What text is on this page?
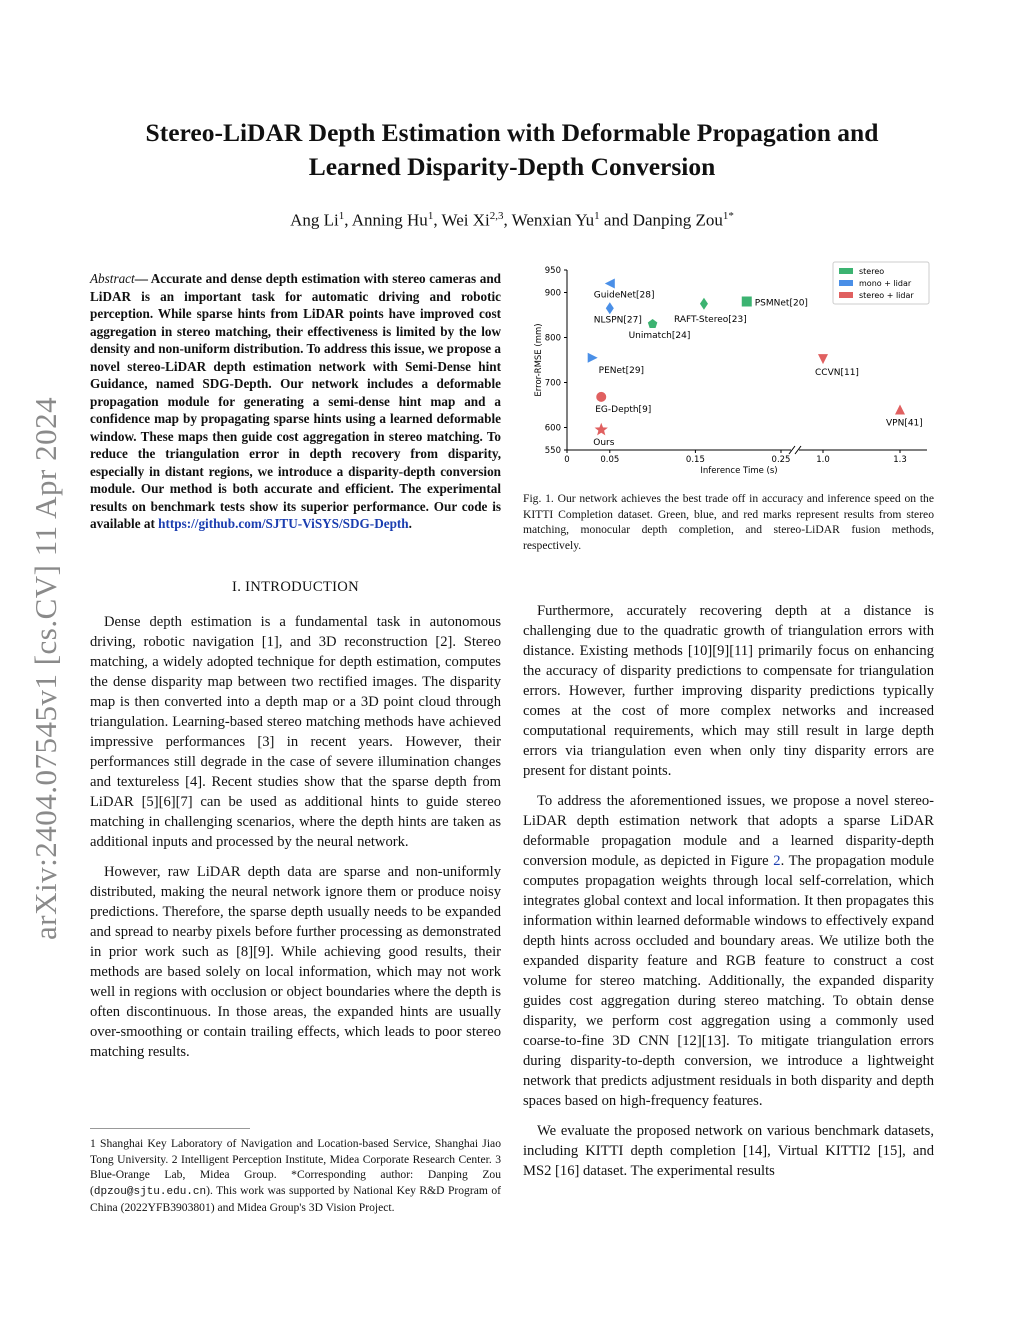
arXiv:2404.07545v1 [cs.CV] 11 Apr 2024
Stereo-LiDAR Depth Estimation with Deformable Propagation and
Learned Disparity-Depth Conversion
Ang Li$^1$, Anning Hu$^1$, Wei Xi$^{2,3}$, Wenxian Yu$^1$ and Danping Zou$^{1*}$
Abstract— Accurate and dense depth estimation with stereo cameras and LiDAR is an important task for automatic driving and robotic perception. While sparse hints from LiDAR points have improved cost aggregation in stereo matching, their effectiveness is limited by the low density and non-uniform distribution. To address this issue, we propose a novel stereo-LiDAR depth estimation network with Semi-Dense hint Guidance, named SDG-Depth. Our network includes a deformable propagation module for generating a semi-dense hint map and a confidence map by propagating sparse hints using a learned deformable window. These maps then guide cost aggregation in stereo matching. To reduce the triangulation error in depth recovery from disparity, especially in distant regions, we introduce a disparity-depth conversion module. Our method is both accurate and efficient. The experimental results on benchmark tests show its superior performance. Our code is available at https://github.com/SJTU-ViSYS/SDG-Depth.
I. INTRODUCTION

Dense depth estimation is a fundamental task in autonomous driving, robotic navigation [1], and 3D reconstruction [2]. Stereo matching, a widely adopted technique for depth estimation, computes the dense disparity map between two rectified images. The disparity map is then converted into a depth map or a 3D point cloud through triangulation. Learning-based stereo matching methods have achieved impressive performances [3] in recent years. However, their performances still degrade in the case of severe illumination changes and textureless [4]. Recent studies show that the sparse depth from LiDAR [5][6][7] can be used as additional hints to guide stereo matching in challenging scenarios, where the depth hints are taken as additional inputs and processed by the neural network.

However, raw LiDAR depth data are sparse and non-uniformly distributed, making the neural network ignore them or produce noisy predictions. Therefore, the sparse depth usually needs to be expanded and spread to nearby pixels before further processing as demonstrated in prior work such as [8][9]. While achieving good results, their methods are based solely on local information, which may not work well in regions with occlusion or object boundaries where the depth is often discontinuous. In those areas, the expanded hints are usually over-smoothing or contain trailing effects, which leads to poor stereo matching results.

1 Shanghai Key Laboratory of Navigation and Location-based Service, Shanghai Jiao Tong University. 2 Intelligent Perception Institute, Midea Corporate Research Center. 3 Blue-Orange Lab, Midea Group. *Corresponding author: Danping Zou (dpzou@sjtu.edu.cn). This work was supported by National Key R&D Program of China (2022YFB3903801) and Midea Group's 3D Vision Project.
550
600
700
800
900
950
0	0.05	0.15	0.25	1.0	1.3
Inference Time (s)
Error-RMSE (mm)
GuideNet[28]
NLSPN[27]
Unimatch[24]
RAFT-Stereo[23]
PSMNet[20]
PENet[29]
EG-Depth[9]
Ours
CCVN[11]
VPN[41]
stereo
mono + lidar
stereo + lidar
Fig. 1. Our network achieves the best trade off in accuracy and inference speed on the KITTI Completion dataset. Green, blue, and red marks represent results from stereo matching, monocular depth completion, and stereo-LiDAR fusion methods, respectively.

Furthermore, accurately recovering depth at a distance is challenging due to the quadratic growth of triangulation errors with distance. Existing methods [10][9][11] primarily focus on enhancing the accuracy of disparity predictions to compensate for triangulation errors. However, further improving disparity predictions typically comes at the cost of more complex networks and increased computational requirements, which may still result in large depth errors via triangulation even when only tiny disparity errors are present for distant points.

To address the aforementioned issues, we propose a novel stereo-LiDAR depth estimation network that adopts a sparse LiDAR deformable propagation module and a learned disparity-depth conversion module, as depicted in Figure 2. The propagation module computes propagation weights through local self-correlation, which integrates global context and local information. It then propagates this information within learned deformable windows to effectively expand depth hints across occluded and boundary areas. We utilize both the expanded disparity feature and RGB feature to construct a cost volume for stereo matching. Additionally, the expanded disparity guides cost aggregation during stereo matching. To obtain dense disparity, we perform cost aggregation using a commonly used coarse-to-fine 3D CNN [12][13]. To mitigate triangulation errors during disparity-to-depth conversion, we introduce a lightweight network that predicts adjustment residuals in both disparity and depth spaces based on high-frequency features.

We evaluate the proposed network on various benchmark datasets, including KITTI depth completion [14], Virtual KITTI2 [15], and MS2 [16] dataset. The experimental results
